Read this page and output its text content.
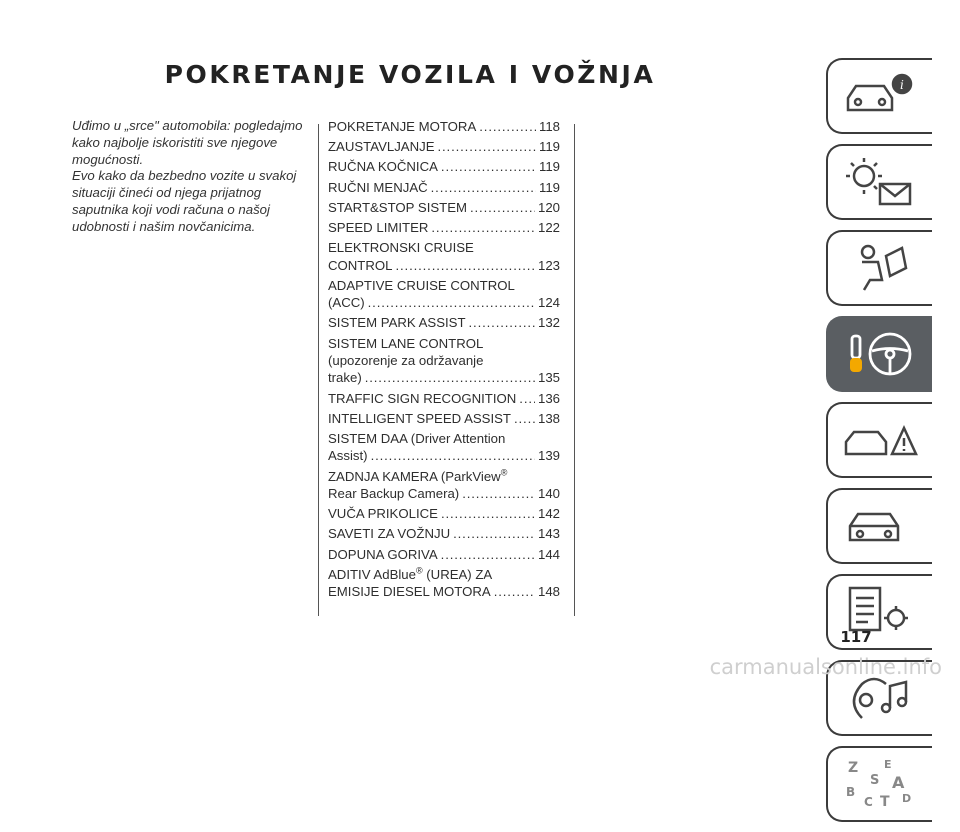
POKRETANJE VOZILA I VOŽNJA

Uđimo u „srce" automobila: pogledajmo kako najbolje iskoristiti sve njegove mogućnosti.

Evo kako da bezbedno vozite u svakoj situaciji čineći od njega prijatnog saputnika koji vodi računa o našoj udobnosti i našim novčanicima.

POKRETANJE MOTORA . . .	118
ZAUSTAVLJANJE . . .	119
RUČNA KOČNICA . . .	119
RUČNI MENJAČ . . .	119
START&STOP SISTEM . . .	120
SPEED LIMITER . . .	122
ELEKTRONSKI CRUISE
CONTROL . . .	123
ADAPTIVE CRUISE CONTROL
(ACC) . . .	124
SISTEM PARK ASSIST . . .	132
SISTEM LANE CONTROL
(upozorenje za održavanje
trake) . . .	135
TRAFFIC SIGN RECOGNITION . . . 136
INTELLIGENT SPEED ASSIST . . . 138
SISTEM DAA (Driver Attention
Assist) . . .	139
ZADNJA KAMERA (ParkView®
Rear Backup Camera) . . .	140
VUČA PRIKOLICE . . .	142
SAVETI ZA VOŽNJU . . .	143
DOPUNA GORIVA . . .	144
ADITIV AdBlue® (UREA) ZA
EMISIJE DIESEL MOTORA . . .	148
i
Z E
S A
B
C T D
117
carmanualsonline.info
